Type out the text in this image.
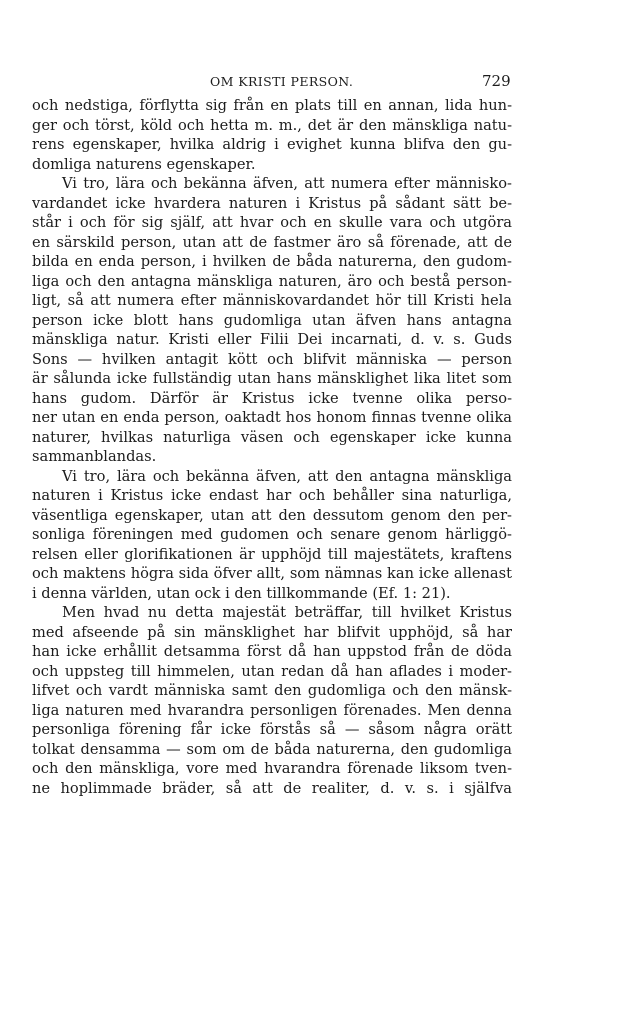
OM KRISTI PERSON.	729
och nedstiga, förflytta sig från en plats till en annan, lida hun-
ger och törst, köld och hetta m. m., det är den mänskliga natu-
rens egenskaper, hvilka aldrig i evighet kunna blifva den gu-
domliga naturens egenskaper.
Vi tro, lära och bekänna äfven, att numera efter människo-
vardandet icke hvardera naturen i Kristus på sådant sätt be-
står i och för sig själf, att hvar och en skulle vara och utgöra
en särskild person, utan att de fastmer äro så förenade, att de
bilda en enda person, i hvilken de båda naturerna, den gudom-
liga och den antagna mänskliga naturen, äro och bestå person-
ligt, så att numera efter människovardandet hör till Kristi hela
person icke blott hans gudomliga utan äfven hans antagna
mänskliga natur. Kristi eller Filii Dei incarnati, d. v. s. Guds
Sons — hvilken antagit kött och blifvit människa — person
är sålunda icke fullständig utan hans mänsklighet lika litet som
hans gudom. Därför är Kristus icke tvenne olika perso-
ner utan en enda person, oaktadt hos honom finnas tvenne olika
naturer, hvilkas naturliga väsen och egenskaper icke kunna
sammanblandas.
Vi tro, lära och bekänna äfven, att den antagna mänskliga
naturen i Kristus icke endast har och behåller sina naturliga,
väsentliga egenskaper, utan att den dessutom genom den per-
sonliga föreningen med gudomen och senare genom härliggö-
relsen eller glorifikationen är upphöjd till majestätets, kraftens
och maktens högra sida öfver allt, som nämnas kan icke allenast
i denna världen, utan ock i den tillkommande (Ef. 1: 21).
Men hvad nu detta majestät beträffar, till hvilket Kristus
med afseende på sin mänsklighet har blifvit upphöjd, så har
han icke erhållit detsamma först då han uppstod från de döda
och uppsteg till himmelen, utan redan då han aflades i moder-
lifvet och vardt människa samt den gudomliga och den mänsk-
liga naturen med hvarandra personligen förenades. Men denna
personliga förening får icke förstås så — såsom några orätt
tolkat densamma — som om de båda naturerna, den gudomliga
och den mänskliga, vore med hvarandra förenade liksom tven-
ne hoplimmade bräder, så att de realiter, d. v. s. i själfva
